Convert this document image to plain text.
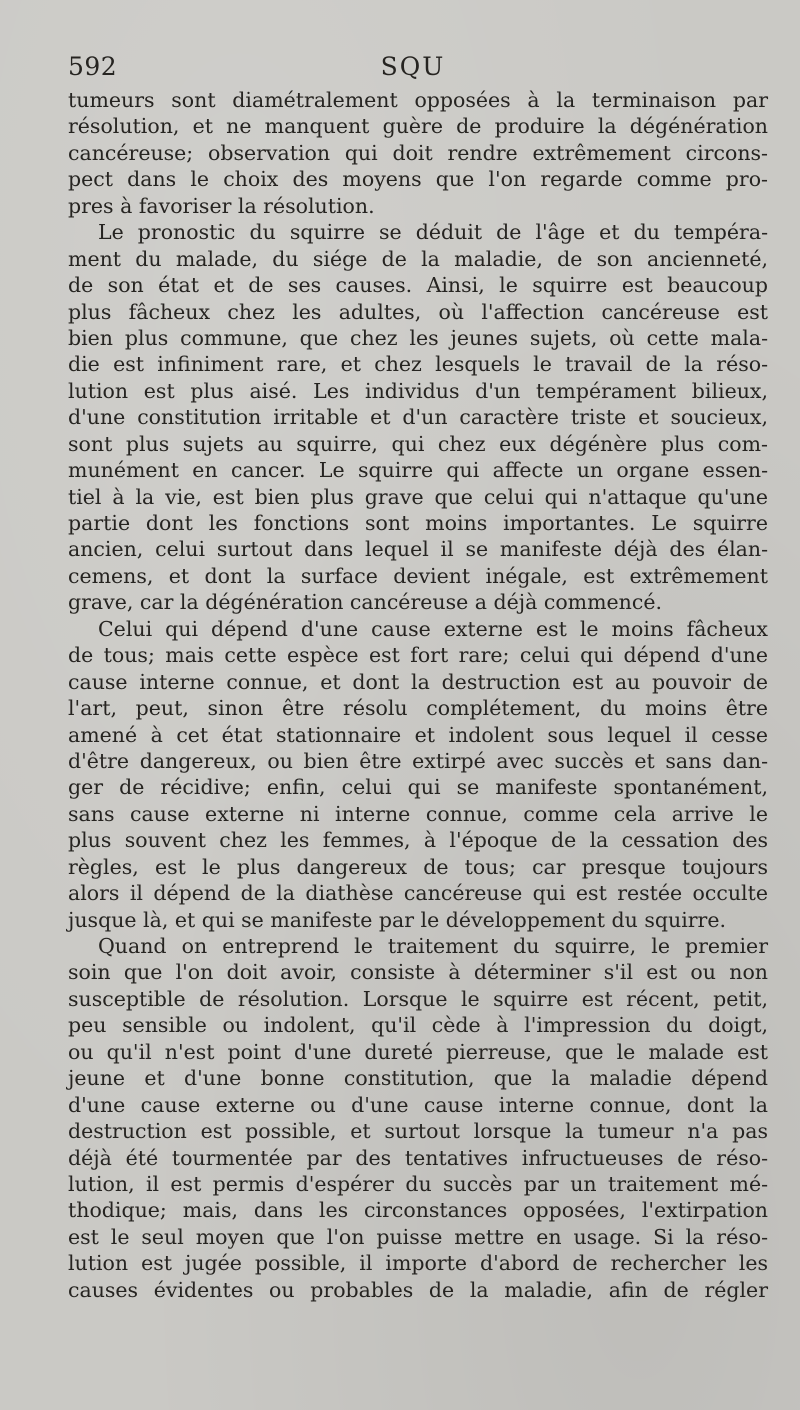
592	SQU
tumeurs sont diamétralement opposées à la terminaison par
résolution, et ne manquent guère de produire la dégénération
cancéreuse; observation qui doit rendre extrêmement circons-
pect dans le choix des moyens que l'on regarde comme pro-
pres à favoriser la résolution.
Le pronostic du squirre se déduit de l'âge et du tempéra-
ment du malade, du siége de la maladie, de son ancienneté,
de son état et de ses causes. Ainsi, le squirre est beaucoup
plus fâcheux chez les adultes, où l'affection cancéreuse est
bien plus commune, que chez les jeunes sujets, où cette mala-
die est infiniment rare, et chez lesquels le travail de la réso-
lution est plus aisé. Les individus d'un tempérament bilieux,
d'une constitution irritable et d'un caractère triste et soucieux,
sont plus sujets au squirre, qui chez eux dégénère plus com-
munément en cancer. Le squirre qui affecte un organe essen-
tiel à la vie, est bien plus grave que celui qui n'attaque qu'une
partie dont les fonctions sont moins importantes. Le squirre
ancien, celui surtout dans lequel il se manifeste déjà des élan-
cemens, et dont la surface devient inégale, est extrêmement
grave, car la dégénération cancéreuse a déjà commencé.
Celui qui dépend d'une cause externe est le moins fâcheux
de tous; mais cette espèce est fort rare; celui qui dépend d'une
cause interne connue, et dont la destruction est au pouvoir de
l'art, peut, sinon être résolu complétement, du moins être
amené à cet état stationnaire et indolent sous lequel il cesse
d'être dangereux, ou bien être extirpé avec succès et sans dan-
ger de récidive; enfin, celui qui se manifeste spontanément,
sans cause externe ni interne connue, comme cela arrive le
plus souvent chez les femmes, à l'époque de la cessation des
règles, est le plus dangereux de tous; car presque toujours
alors il dépend de la diathèse cancéreuse qui est restée occulte
jusque là, et qui se manifeste par le développement du squirre.
Quand on entreprend le traitement du squirre, le premier
soin que l'on doit avoir, consiste à déterminer s'il est ou non
susceptible de résolution. Lorsque le squirre est récent, petit,
peu sensible ou indolent, qu'il cède à l'impression du doigt,
ou qu'il n'est point d'une dureté pierreuse, que le malade est
jeune et d'une bonne constitution, que la maladie dépend
d'une cause externe ou d'une cause interne connue, dont la
destruction est possible, et surtout lorsque la tumeur n'a pas
déjà été tourmentée par des tentatives infructueuses de réso-
lution, il est permis d'espérer du succès par un traitement mé-
thodique; mais, dans les circonstances opposées, l'extirpation
est le seul moyen que l'on puisse mettre en usage. Si la réso-
lution est jugée possible, il importe d'abord de rechercher les
causes évidentes ou probables de la maladie, afin de régler
